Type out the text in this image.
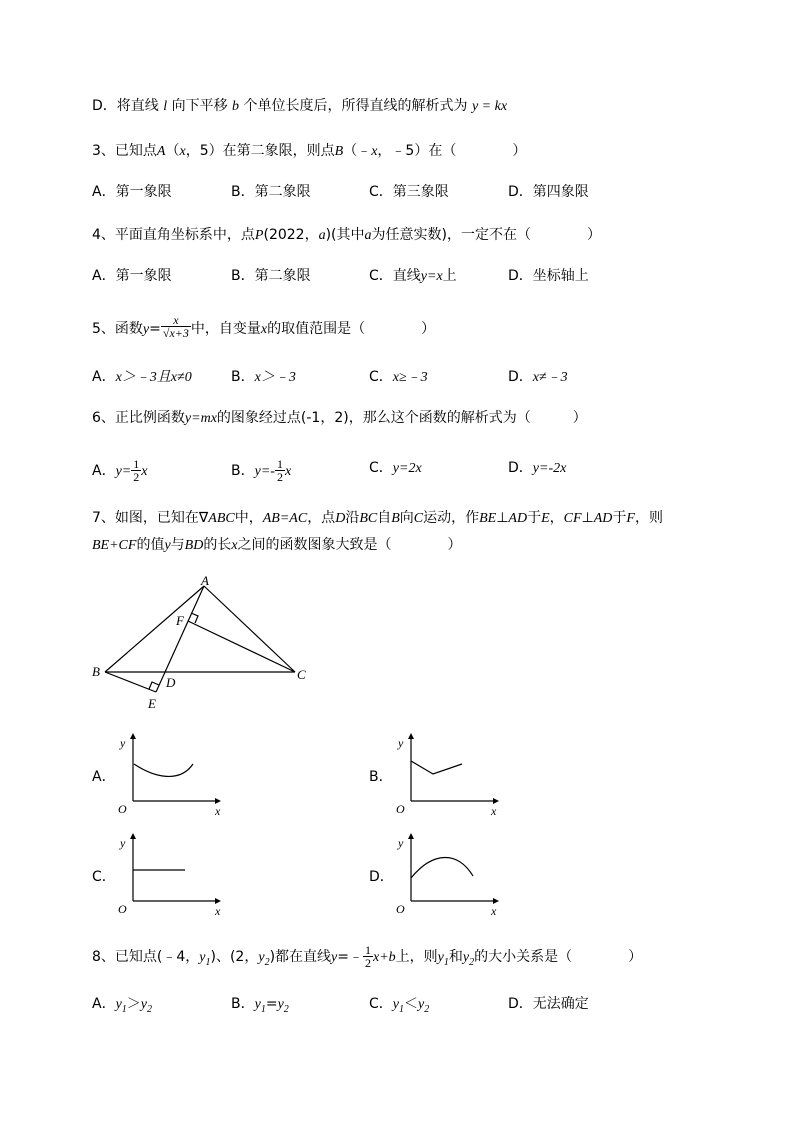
D．将直线 l 向下平移 b 个单位长度后，所得直线的解析式为 y = kx
3、已知点A（x，5）在第二象限，则点B（﹣x，﹣5）在（　　　　）
A．第一象限	B．第二象限	C．第三象限	D．第四象限
4、平面直角坐标系中，点P(2022，a)(其中a为任意实数)，一定不在（　　　　）
A．第一象限	B．第二象限	C．直线y=x上	D．坐标轴上
5、函数$y= \frac{x}{√x+3}$ 中，自变量x的取值范围是（　　　　）
A．x＞﹣3且x≠0	B．x＞﹣3	C．x≥﹣3	D．x≠﹣3
6、正比例函数y=mx的图象经过点(-1，2)，那么这个函数的解析式为（　　　）
A．$y= \frac{1}{2}$ x	B．$y=- \frac{1}{2}$ x	C．y=2x	D．y=-2x
7、如图，已知在∇ABC中，AB=AC，点D沿BC自B向C运动，作BE⊥AD于E，CF⊥AD于F，则
BE+CF的值y与BD的长x之间的函数图象大致是（　　　　）
A
B	C
D
E
F
A．
y
O	x
B．
y
O	x
C．
y
O	x
D．
y
O	x
8、已知点(﹣4，$y_1$)、(2，$y_2$)都在直线y=﹣ $\frac{1}{2} x+b$上，则$y_1$和$y_2$的大小关系是（　　　　）
A．$y_1>y_2$	B．$y_1=y_2$	C．$y_1<y_2$	D．无法确定
